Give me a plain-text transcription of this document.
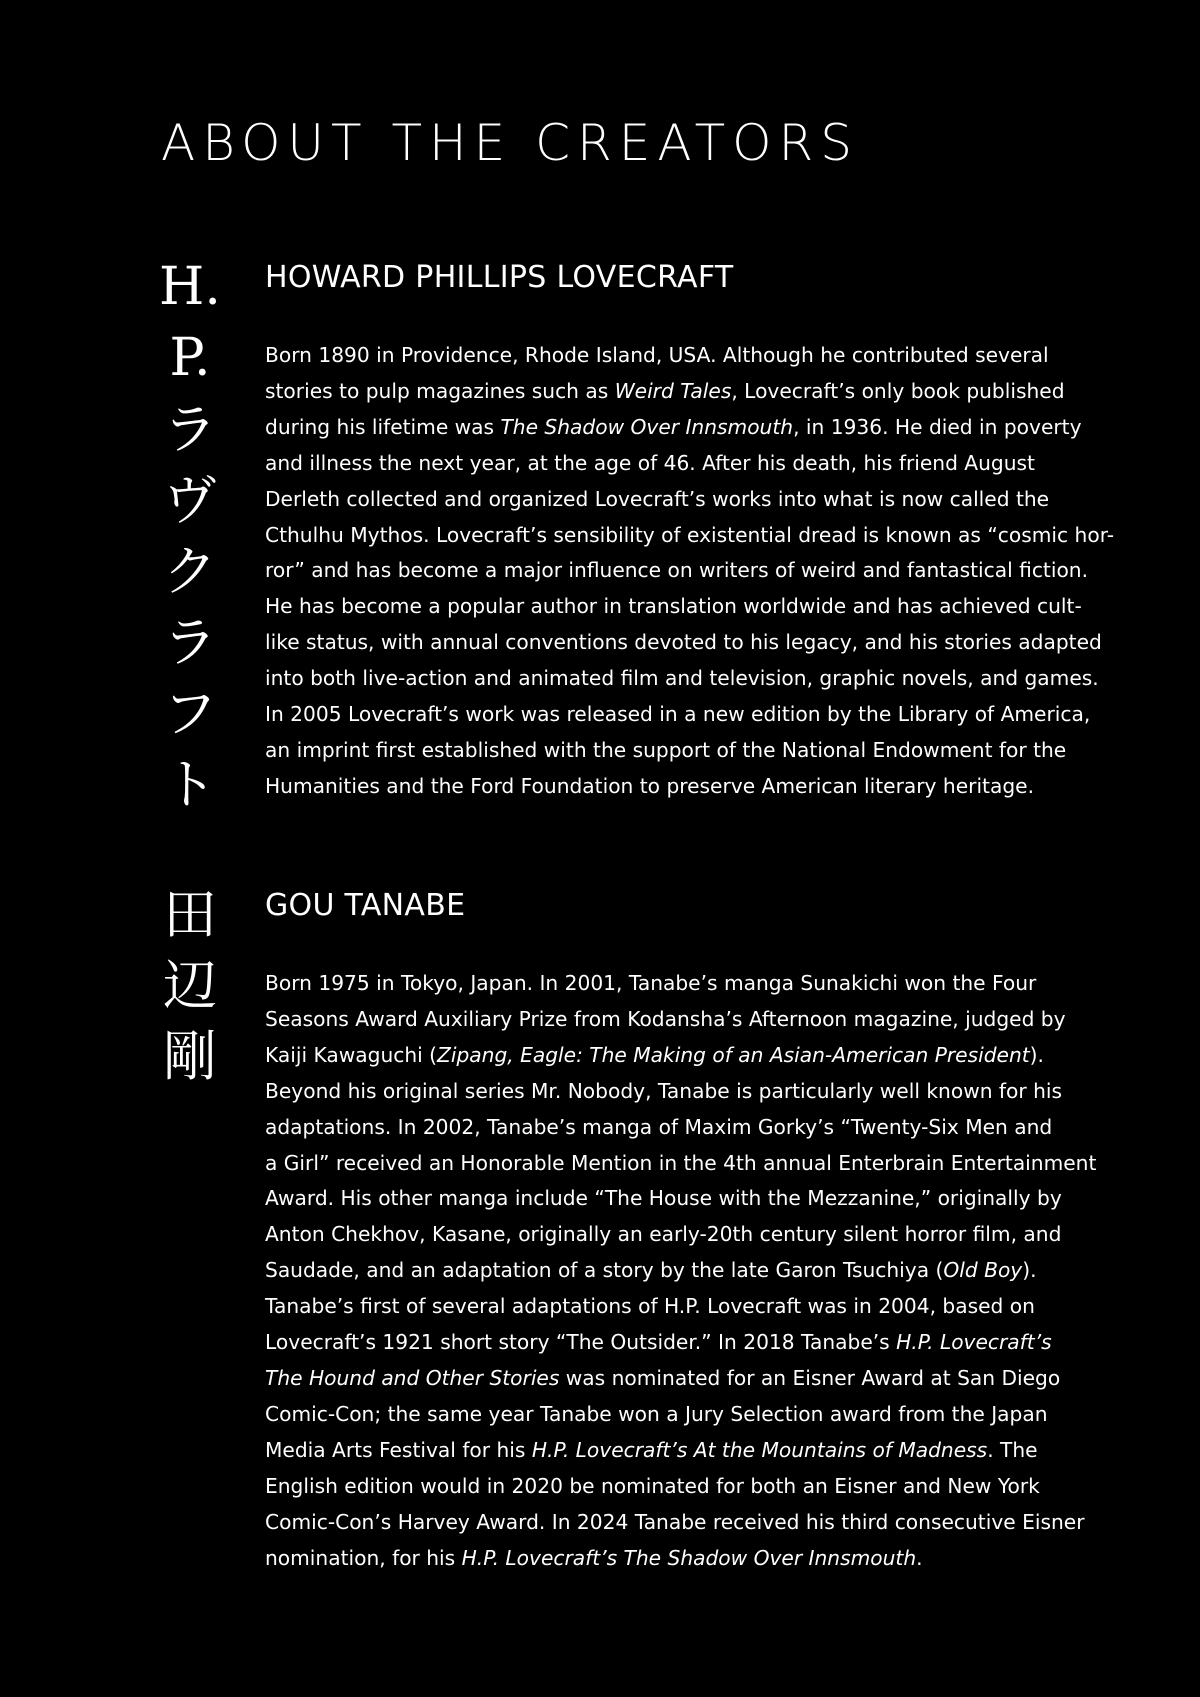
ABOUT THE CREATORS
H.
P.
ラ
ヴ
ク
ラ
フ
ト
HOWARD PHILLIPS LOVECRAFT

Born 1890 in Providence, Rhode Island, USA. Although he contributed several
stories to pulp magazines such as Weird Tales, Lovecraft’s only book published
during his lifetime was The Shadow Over Innsmouth, in 1936. He died in poverty
and illness the next year, at the age of 46. After his death, his friend August
Derleth collected and organized Lovecraft’s works into what is now called the
Cthulhu Mythos. Lovecraft’s sensibility of existential dread is known as “cosmic hor-
ror” and has become a major influence on writers of weird and fantastical fiction.
He has become a popular author in translation worldwide and has achieved cult-
like status, with annual conventions devoted to his legacy, and his stories adapted
into both live-action and animated film and television, graphic novels, and games.
In 2005 Lovecraft’s work was released in a new edition by the Library of America,
an imprint first established with the support of the National Endowment for the
Humanities and the Ford Foundation to preserve American literary heritage.

田
辺
剛
GOU TANABE

Born 1975 in Tokyo, Japan. In 2001, Tanabe’s manga Sunakichi won the Four
Seasons Award Auxiliary Prize from Kodansha’s Afternoon magazine, judged by
Kaiji Kawaguchi (Zipang, Eagle: The Making of an Asian-American President).
Beyond his original series Mr. Nobody, Tanabe is particularly well known for his
adaptations. In 2002, Tanabe’s manga of Maxim Gorky’s “Twenty-Six Men and
a Girl” received an Honorable Mention in the 4th annual Enterbrain Entertainment
Award. His other manga include “The House with the Mezzanine,” originally by
Anton Chekhov, Kasane, originally an early-20th century silent horror film, and
Saudade, and an adaptation of a story by the late Garon Tsuchiya (Old Boy).
Tanabe’s first of several adaptations of H.P. Lovecraft was in 2004, based on
Lovecraft’s 1921 short story “The Outsider.” In 2018 Tanabe’s H.P. Lovecraft’s
The Hound and Other Stories was nominated for an Eisner Award at San Diego
Comic-Con; the same year Tanabe won a Jury Selection award from the Japan
Media Arts Festival for his H.P. Lovecraft’s At the Mountains of Madness. The
English edition would in 2020 be nominated for both an Eisner and New York
Comic-Con’s Harvey Award. In 2024 Tanabe received his third consecutive Eisner
nomination, for his H.P. Lovecraft’s The Shadow Over Innsmouth.
